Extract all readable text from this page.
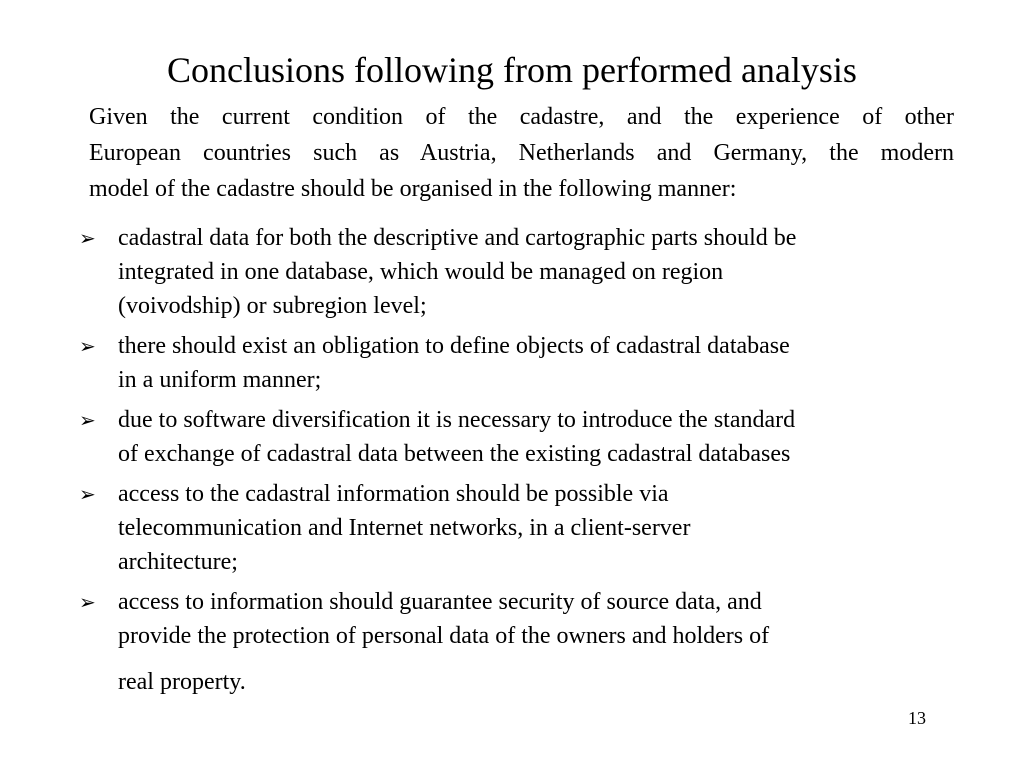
Conclusions following from performed analysis
Given the current condition of the cadastre, and the experience of other
European countries such as Austria, Netherlands and Germany, the modern
model of the cadastre should be organised in the following manner:
➢ cadastral data for both the descriptive and cartographic parts should be
integrated in one database, which would be managed on region
(voivodship) or subregion level;
➢ there should exist an obligation to define objects of cadastral database
in a uniform manner;
➢ due to software diversification it is necessary to introduce the standard
of exchange of cadastral data between the existing cadastral databases
➢ access to the cadastral information should be possible via
telecommunication and Internet networks, in a client-server
architecture;
➢ access to information should guarantee security of source data, and
provide the protection of personal data of the owners and holders of
real property.
13
